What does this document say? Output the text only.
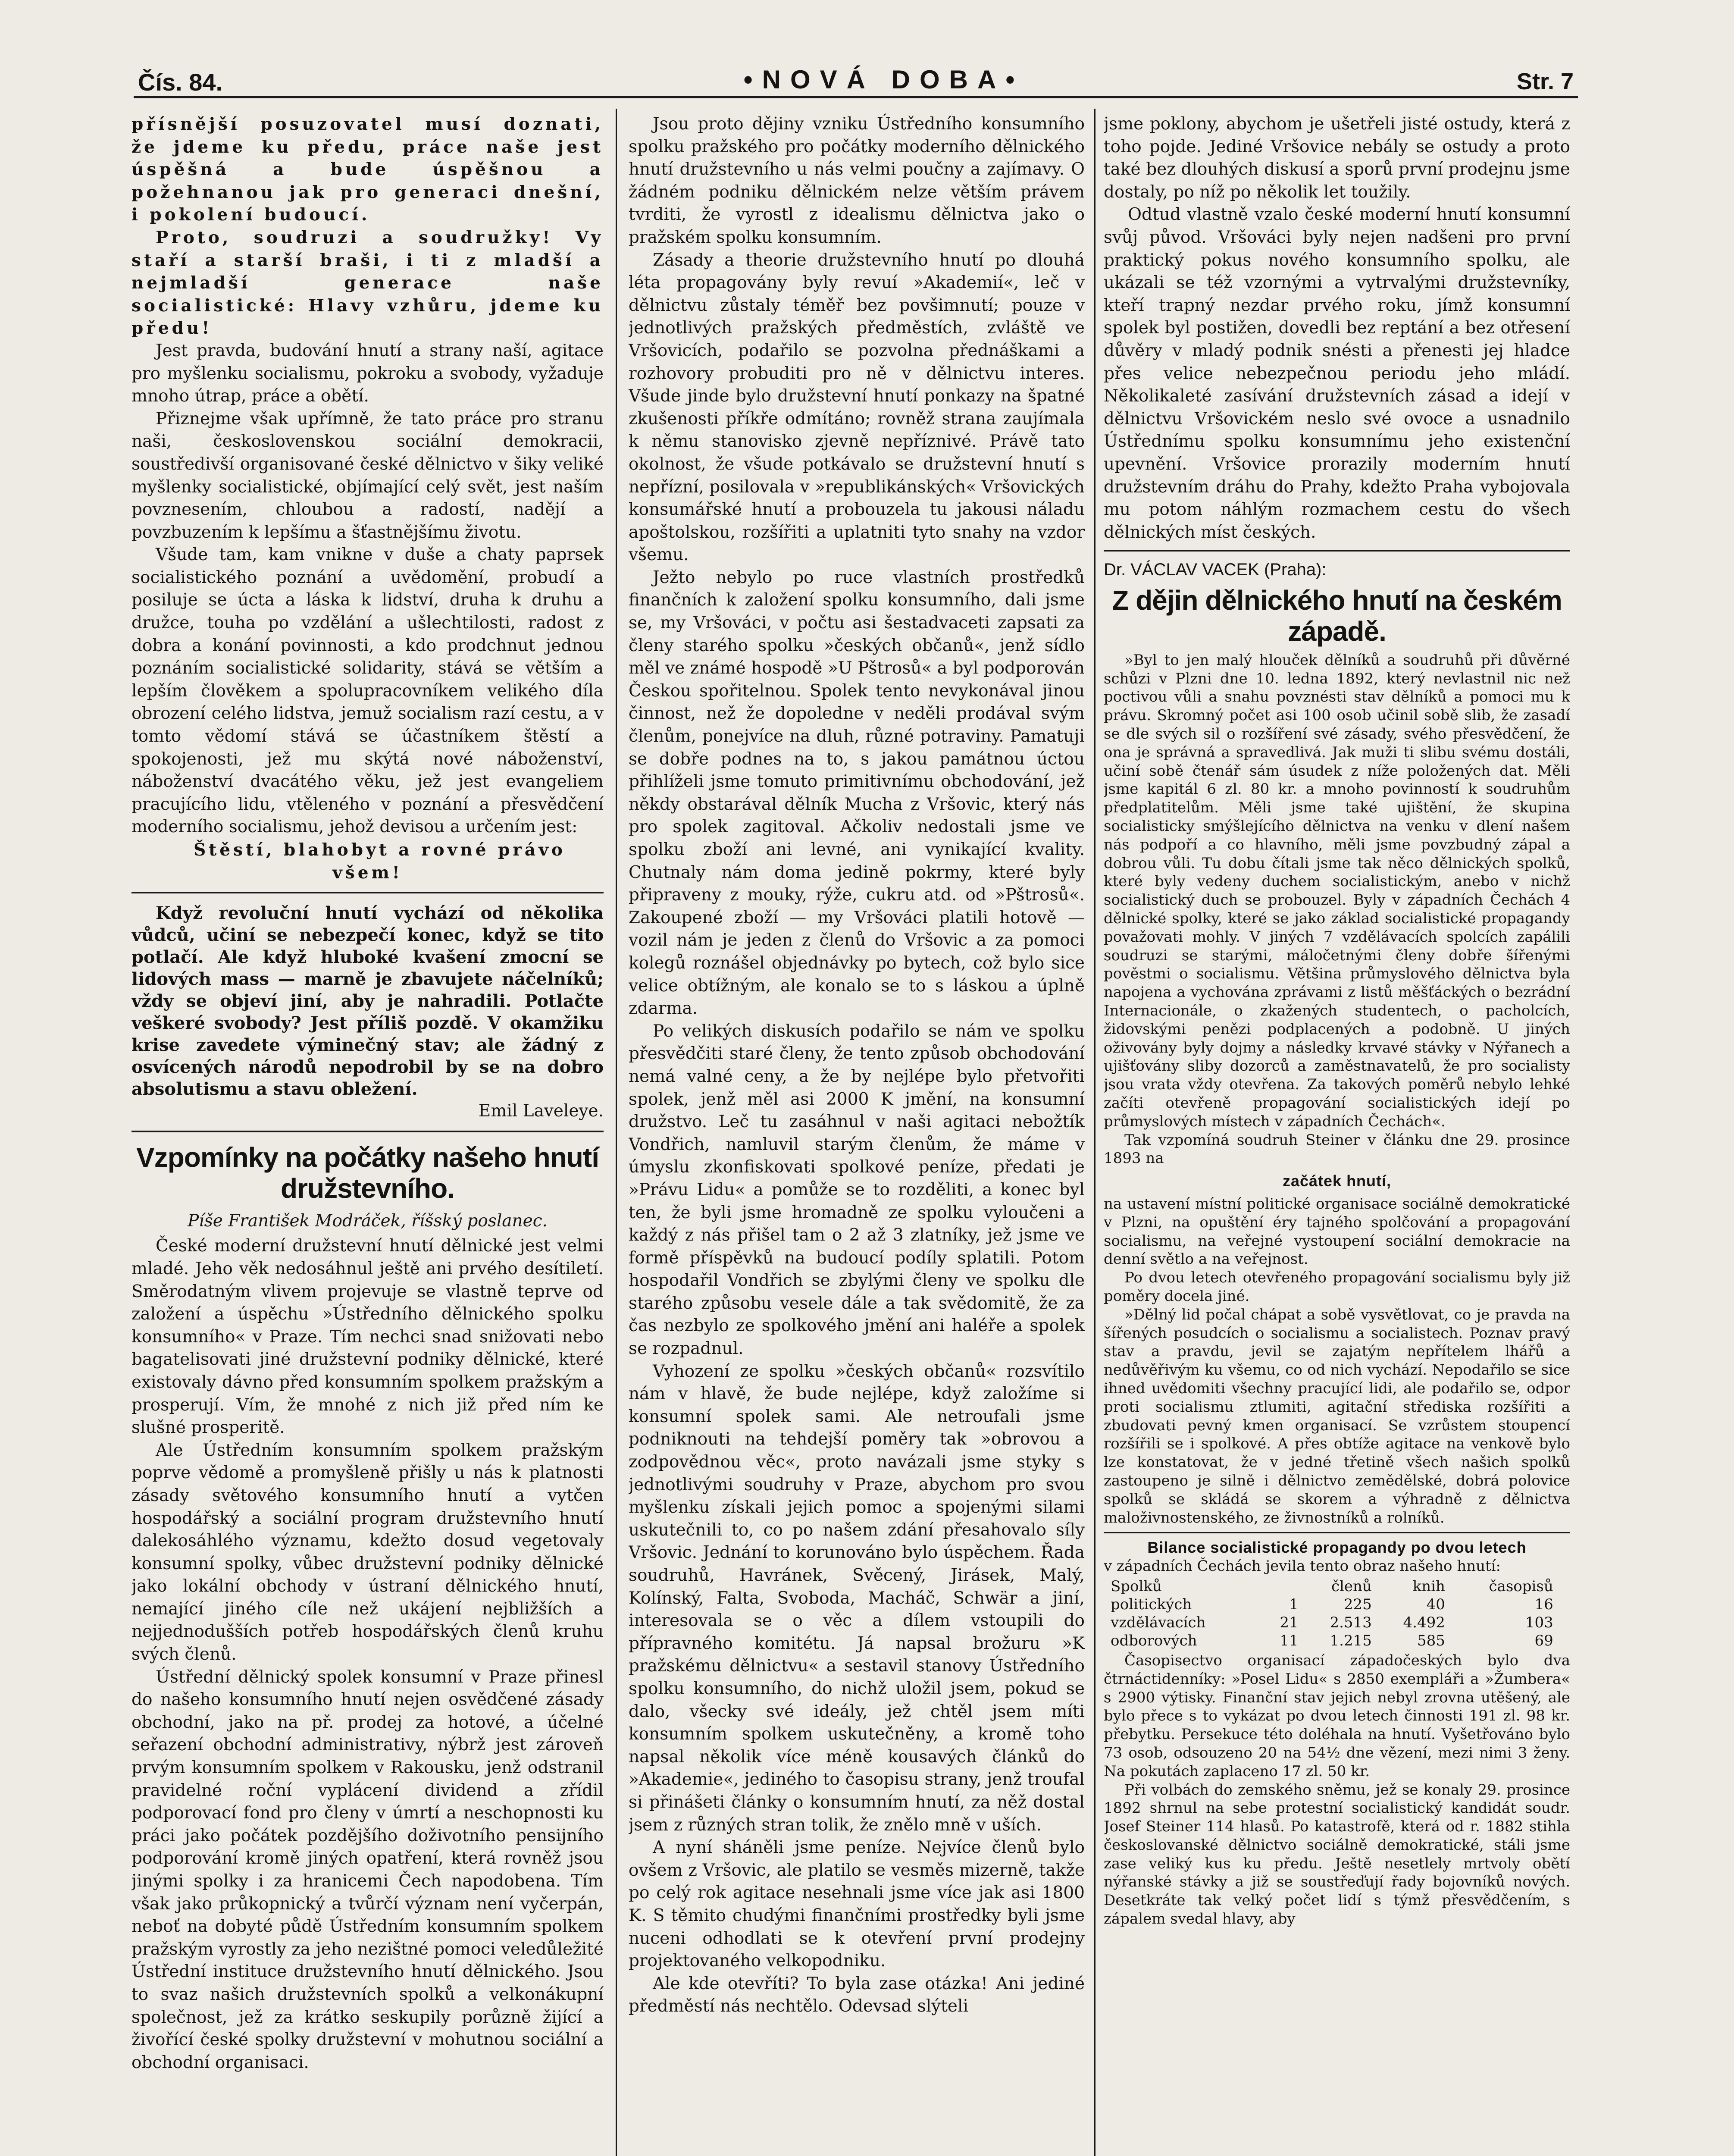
Čís. 84.	•NOVÁ DOBA•	Str. 7

přísnější posuzovatel musí doznati, že jdeme ku předu, práce naše jest úspěšná a bude úspěšnou a požehnanou jak pro generaci dnešní, i pokolení budoucí.

Proto, soudruzi a soudružky! Vy staří a starší braši, i ti z mladší a nejmladší generace naše socialistické: Hlavy vzhůru, jdeme ku předu!

Jest pravda, budování hnutí a strany naší, agitace pro myšlenku socialismu, pokroku a svobody, vyžaduje mnoho útrap, práce a obětí.

Přiznejme však upřímně, že tato práce pro stranu naši, československou sociální demokracii, soustředivší organisované české dělnictvo v šiky veliké myšlenky socialistické, objímající celý svět, jest naším povznesením, chloubou a radostí, nadějí a povzbuzením k lepšímu a šťastnějšímu životu.

Všude tam, kam vnikne v duše a chaty paprsek socialistického poznání a uvědomění, probudí a posiluje se úcta a láska k lidství, druha k druhu a družce, touha po vzdělání a ušlechtilosti, radost z dobra a konání povinnosti, a kdo prodchnut jednou poznáním socialistické solidarity, stává se větším a lepším člověkem a spolupracovníkem velikého díla obrození celého lidstva, jemuž socialism razí cestu, a v tomto vědomí stává se účastníkem štěstí a spokojenosti, jež mu skýtá nové náboženství, náboženství dvacátého věku, jež jest evangeliem pracujícího lidu, vtěleného v poznání a přesvědčení moderního socialismu, jehož devisou a určením jest:

Štěstí, blahobyt a rovné právo všem!

Když revoluční hnutí vychází od několika vůdců, učiní se nebezpečí konec, když se tito potlačí. Ale když hluboké kvašení zmocní se lidových mass — marně je zbavujete náčelníků; vždy se objeví jiní, aby je nahradili. Potlačte veškeré svobody? Jest příliš pozdě. V okamžiku krise zavedete výminečný stav; ale žádný z osvícených národů nepodrobil by se na dobro absolutismu a stavu obležení.

Emil Laveleye.

Vzpomínky na počátky našeho hnutí družstevního.

Píše František Modráček, říšský poslanec.

České moderní družstevní hnutí dělnické jest velmi mladé. Jeho věk nedosáhnul ještě ani prvého desítiletí. Směrodatným vlivem projevuje se vlastně teprve od založení a úspěchu »Ústředního dělnického spolku konsumního« v Praze. Tím nechci snad snižovati nebo bagatelisovati jiné družstevní podniky dělnické, které existovaly dávno před konsumním spolkem pražským a prosperují. Vím, že mnohé z nich již před ním ke slušné prosperitě.

Ale Ústředním konsumním spolkem pražským poprve vědomě a promyšleně přišly u nás k platnosti zásady světového konsumního hnutí a vytčen hospodářský a sociální program družstevního hnutí dalekosáhlého významu, kdežto dosud vegetovaly konsumní spolky, vůbec družstevní podniky dělnické jako lokální obchody v ústraní dělnického hnutí, nemající jiného cíle než ukájení nejbližších a nejjednodušších potřeb hospodářských členů kruhu svých členů.

Ústřední dělnický spolek konsumní v Praze přinesl do našeho konsumního hnutí nejen osvědčené zásady obchodní, jako na př. prodej za hotové, a účelné seřazení obchodní administrativy, nýbrž jest zároveň prvým konsumním spolkem v Rakousku, jenž odstranil pravidelné roční vyplácení dividend a zřídil podporovací fond pro členy v úmrtí a neschopnosti ku práci jako počátek pozdějšího doživotního pensijního podporování kromě jiných opatření, která rovněž jsou jinými spolky i za hranicemi Čech napodobena. Tím však jako průkopnický a tvůrčí význam není vyčerpán, neboť na dobyté půdě Ústředním konsumním spolkem pražským vyrostly za jeho nezištné pomoci veledůležité Ústřední instituce družstevního hnutí dělnického. Jsou to svaz našich družstevních spolků a velkonákupní společnost, jež za krátko seskupily porůzně žijící a živořící české spolky družstevní v mohutnou sociální a obchodní organisaci.

Jsou proto dějiny vzniku Ústředního konsumního spolku pražského pro počátky moderního dělnického hnutí družstevního u nás velmi poučny a zajímavy. O žádném podniku dělnickém nelze větším právem tvrditi, že vyrostl z idealismu dělnictva jako o pražském spolku konsumním.

Zásady a theorie družstevního hnutí po dlouhá léta propagovány byly revuí »Akademií«, leč v dělnictvu zůstaly téměř bez povšimnutí; pouze v jednotlivých pražských předměstích, zvláště ve Vršovicích, podařilo se pozvolna přednáškami a rozhovory probuditi pro ně v dělnictvu interes. Všude jinde bylo družstevní hnutí ponkazy na špatné zkušenosti příkře odmítáno; rovněž strana zaujímala k němu stanovisko zjevně nepříznivé. Právě tato okolnost, že všude potkávalo se družstevní hnutí s nepřízní, posilovala v »republikánských« Vršovických konsumářské hnutí a probouzela tu jakousi náladu apoštolskou, rozšířiti a uplatniti tyto snahy na vzdor všemu.

Ježto nebylo po ruce vlastních prostředků finančních k založení spolku konsumního, dali jsme se, my Vršováci, v počtu asi šestadvaceti zapsati za členy starého spolku »českých občanů«, jenž sídlo měl ve známé hospodě »U Pštrosů« a byl podporován Českou spořitelnou. Spolek tento nevykonával jinou činnost, než že dopoledne v neděli prodával svým členům, ponejvíce na dluh, různé potraviny. Pamatuji se dobře podnes na to, s jakou památnou úctou přihlíželi jsme tomuto primitivnímu obchodování, jež někdy obstarával dělník Mucha z Vršovic, který nás pro spolek zagitoval. Ačkoliv nedostali jsme ve spolku zboží ani levné, ani vynikající kvality. Chutnaly nám doma jedině pokrmy, které byly připraveny z mouky, rýže, cukru atd. od »Pštrosů«. Zakoupené zboží — my Vršováci platili hotově — vozil nám je jeden z členů do Vršovic a za pomoci kolegů roznášel objednávky po bytech, což bylo sice velice obtížným, ale konalo se to s láskou a úplně zdarma.

Po velikých diskusích podařilo se nám ve spolku přesvědčiti staré členy, že tento způsob obchodování nemá valné ceny, a že by nejlépe bylo přetvořiti spolek, jenž měl asi 2000 K jmění, na konsumní družstvo. Leč tu zasáhnul v naši agitaci nebožtík Vondřich, namluvil starým členům, že máme v úmyslu zkonfiskovati spolkové peníze, předati je »Právu Lidu« a pomůže se to rozděliti, a konec byl ten, že byli jsme hromadně ze spolku vyloučeni a každý z nás přišel tam o 2 až 3 zlatníky, jež jsme ve formě příspěvků na budoucí podíly splatili. Potom hospodařil Vondřich se zbylými členy ve spolku dle starého způsobu vesele dále a tak svědomitě, že za čas nezbylo ze spolkového jmění ani haléře a spolek se rozpadnul.

Vyhození ze spolku »českých občanů« rozsvítilo nám v hlavě, že bude nejlépe, když založíme si konsumní spolek sami. Ale netroufali jsme podniknouti na tehdejší poměry tak »obrovou a zodpovědnou věc«, proto navázali jsme styky s jednotlivými soudruhy v Praze, abychom pro svou myšlenku získali jejich pomoc a spojenými silami uskutečnili to, co po našem zdání přesahovalo síly Vršovic. Jednání to korunováno bylo úspěchem. Řada soudruhů, Havránek, Svěcený, Jirásek, Malý, Kolínský, Falta, Svoboda, Macháč, Schwär a jiní, interesovala se o věc a dílem vstoupili do přípravného komitétu. Já napsal brožuru »K pražskému dělnictvu« a sestavil stanovy Ústředního spolku konsumního, do nichž uložil jsem, pokud se dalo, všecky své ideály, jež chtěl jsem míti konsumním spolkem uskutečněny, a kromě toho napsal několik více méně kousavých článků do »Akademie«, jediného to časopisu strany, jenž troufal si přinášeti články o konsumním hnutí, za něž dostal jsem z různých stran tolik, že znělo mně v uších.

A nyní sháněli jsme peníze. Nejvíce členů bylo ovšem z Vršovic, ale platilo se vesměs mizerně, takže po celý rok agitace nesehnali jsme více jak asi 1800 K. S těmito chudými finančními prostředky byli jsme nuceni odhodlati se k otevření první prodejny projektovaného velkopodniku.

Ale kde otevříti? To byla zase otázka! Ani jediné předměstí nás nechtělo. Odevsad slýteli

jsme poklony, abychom je ušetřeli jisté ostudy, která z toho pojde. Jediné Vršovice nebály se ostudy a proto také bez dlouhých diskusí a sporů první prodejnu jsme dostaly, po níž po několik let toužily.

Odtud vlastně vzalo české moderní hnutí konsumní svůj původ. Vršováci byly nejen nadšeni pro první praktický pokus nového konsumního spolku, ale ukázali se též vzornými a vytrvalými družstevníky, kteří trapný nezdar prvého roku, jímž konsumní spolek byl postižen, dovedli bez reptání a bez otřesení důvěry v mladý podnik snésti a přenesti jej hladce přes velice nebezpečnou periodu jeho mládí. Několikaleté zasívání družstevních zásad a idejí v dělnictvu Vršovickém neslo své ovoce a usnadnilo Ústřednímu spolku konsumnímu jeho existenční upevnění. Vršovice prorazily moderním hnutí družstevním dráhu do Prahy, kdežto Praha vybojovala mu potom náhlým rozmachem cestu do všech dělnických míst českých.

Dr. VÁCLAV VACEK (Praha):

Z dějin dělnického hnutí na českém západě.

»Byl to jen malý hlouček dělníků a soudruhů při důvěrné schůzi v Plzni dne 10. ledna 1892, který nevlastnil nic než poctivou vůli a snahu povznésti stav dělníků a pomoci mu k právu. Skromný počet asi 100 osob učinil sobě slib, že zasadí se dle svých sil o rozšíření své zásady, svého přesvědčení, že ona je správná a spravedlivá. Jak muži ti slibu svému dostáli, učiní sobě čtenář sám úsudek z níže položených dat. Měli jsme kapitál 6 zl. 80 kr. a mnoho povinností k soudruhům předplatitelům. Měli jsme také ujištění, že skupina socialisticky smýšlejícího dělnictva na venku v dlení našem nás podpoří a co hlavního, měli jsme povzbudný zápal a dobrou vůli. Tu dobu čítali jsme tak něco dělnických spolků, které byly vedeny duchem socialistickým, anebo v nichž socialistický duch se probouzel. Byly v západních Čechách 4 dělnické spolky, které se jako základ socialistické propagandy považovati mohly. V jiných 7 vzdělávacích spolcích zapálili soudruzi se starými, máločetnými členy dobře šířenými pověstmi o socialismu. Většina průmyslového dělnictva byla napojena a vychována zprávami z listů měšťáckých o bezrádní Internacionále, o zkažených studentech, o pacholcích, židovskými penězi podplacených a podobně. U jiných oživovány byly dojmy a následky krvavé stávky v Nýřanech a ujišťovány sliby dozorců a zaměstnavatelů, že pro socialisty jsou vrata vždy otevřena. Za takových poměrů nebylo lehké začíti otevřeně propagování socialistických idejí po průmyslových místech v západních Čechách«.

Tak vzpomíná soudruh Steiner v článku dne 29. prosince 1893 na

začátek hnutí,

na ustavení místní politické organisace sociálně demokratické v Plzni, na opuštění éry tajného spolčování a propagování socialismu, na veřejné vystoupení sociální demokracie na denní světlo a na veřejnost.

Po dvou letech otevřeného propagování socialismu byly již poměry docela jiné.

»Dělný lid počal chápat a sobě vysvětlovat, co je pravda na šířených posudcích o socialismu a socialistech. Poznav pravý stav a pravdu, jevil se zajatým nepřítelem lhářů a nedůvěřivým ku všemu, co od nich vychází. Nepodařilo se sice ihned uvědomiti všechny pracující lidi, ale podařilo se, odpor proti socialismu ztlumiti, agitační střediska rozšířiti a zbudovati pevný kmen organisací. Se vzrůstem stoupencí rozšířili se i spolkové. A přes obtíže agitace na venkově bylo lze konstatovat, že v jedné třetině všech našich spolků zastoupeno je silně i dělnictvo zemědělské, dobrá polovice spolků se skládá se skorem a výhradně z dělnictva maloživnostenského, ze živnostníků a rolníků.

Bilance socialistické propagandy po dvou letech

v západních Čechách jevila tento obraz našeho hnutí:

Spolků		členů	knih	časopisů
politických	1	225	40	16
vzdělávacích	21	2.513	4.492	103
odborových	11	1.215	585	69

Časopisectvo organisací západočeských bylo dva čtrnáctidenníky: »Posel Lidu« s 2850 exempláři a »Žumbera« s 2900 výtisky. Finanční stav jejich nebyl zrovna utěšený, ale bylo přece s to vykázat po dvou letech činnosti 191 zl. 98 kr. přebytku. Persekuce této doléhala na hnutí. Vyšetřováno bylo 73 osob, odsouzeno 20 na 54½ dne vězení, mezi nimi 3 ženy. Na pokutách zaplaceno 17 zl. 50 kr.

Při volbách do zemského sněmu, jež se konaly 29. prosince 1892 shrnul na sebe protestní socialistický kandidát soudr. Josef Steiner 114 hlasů. Po katastrofě, která od r. 1882 stihla českoslovanské dělnictvo sociálně demokratické, stáli jsme zase veliký kus ku předu. Ještě nesetlely mrtvoly obětí nýřanské stávky a již se soustřeďují řady bojovníků nových. Desetkráte tak velký počet lidí s týmž přesvědčením, s zápalem svedal hlavy, aby
